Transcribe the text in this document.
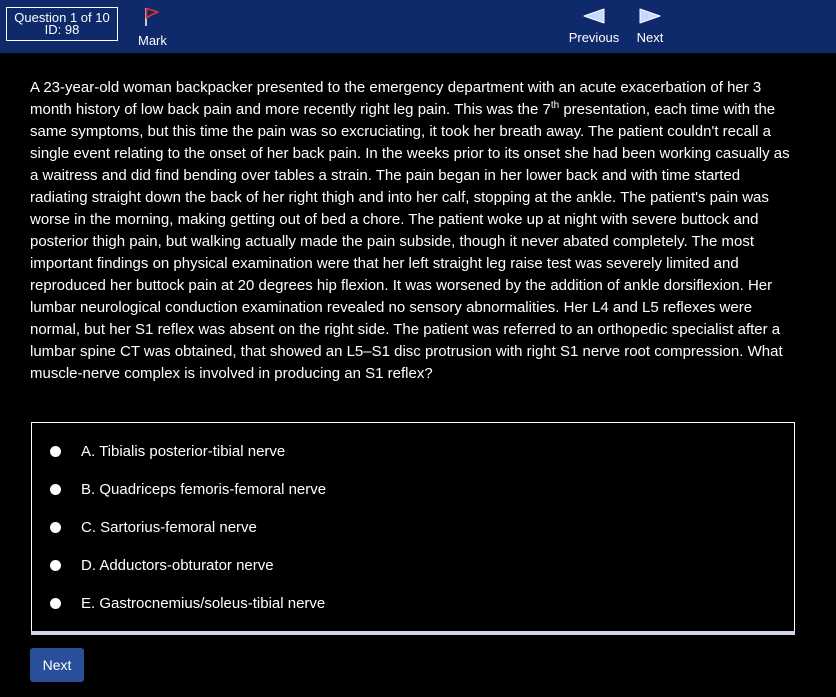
Question 1 of 10
ID: 98
Mark	Previous	Next

A 23-year-old woman backpacker presented to the emergency department with an acute exacerbation of her 3 month history of low back pain and more recently right leg pain. This was the 7th presentation, each time with the same symptoms, but this time the pain was so excruciating, it took her breath away. The patient couldn't recall a single event relating to the onset of her back pain. In the weeks prior to its onset she had been working casually as a waitress and did find bending over tables a strain. The pain began in her lower back and with time started radiating straight down the back of her right thigh and into her calf, stopping at the ankle. The patient's pain was worse in the morning, making getting out of bed a chore. The patient woke up at night with severe buttock and posterior thigh pain, but walking actually made the pain subside, though it never abated completely. The most important findings on physical examination were that her left straight leg raise test was severely limited and reproduced her buttock pain at 20 degrees hip flexion. It was worsened by the addition of ankle dorsiflexion. Her lumbar neurological conduction examination revealed no sensory abnormalities. Her L4 and L5 reflexes were normal, but her S1 reflex was absent on the right side. The patient was referred to an orthopedic specialist after a lumbar spine CT was obtained, that showed an L5–S1 disc protrusion with right S1 nerve root compression. What muscle-nerve complex is involved in producing an S1 reflex?

A. Tibialis posterior-tibial nerve
B. Quadriceps femoris-femoral nerve
C. Sartorius-femoral nerve
D. Adductors-obturator nerve
E. Gastrocnemius/soleus-tibial nerve
Next
